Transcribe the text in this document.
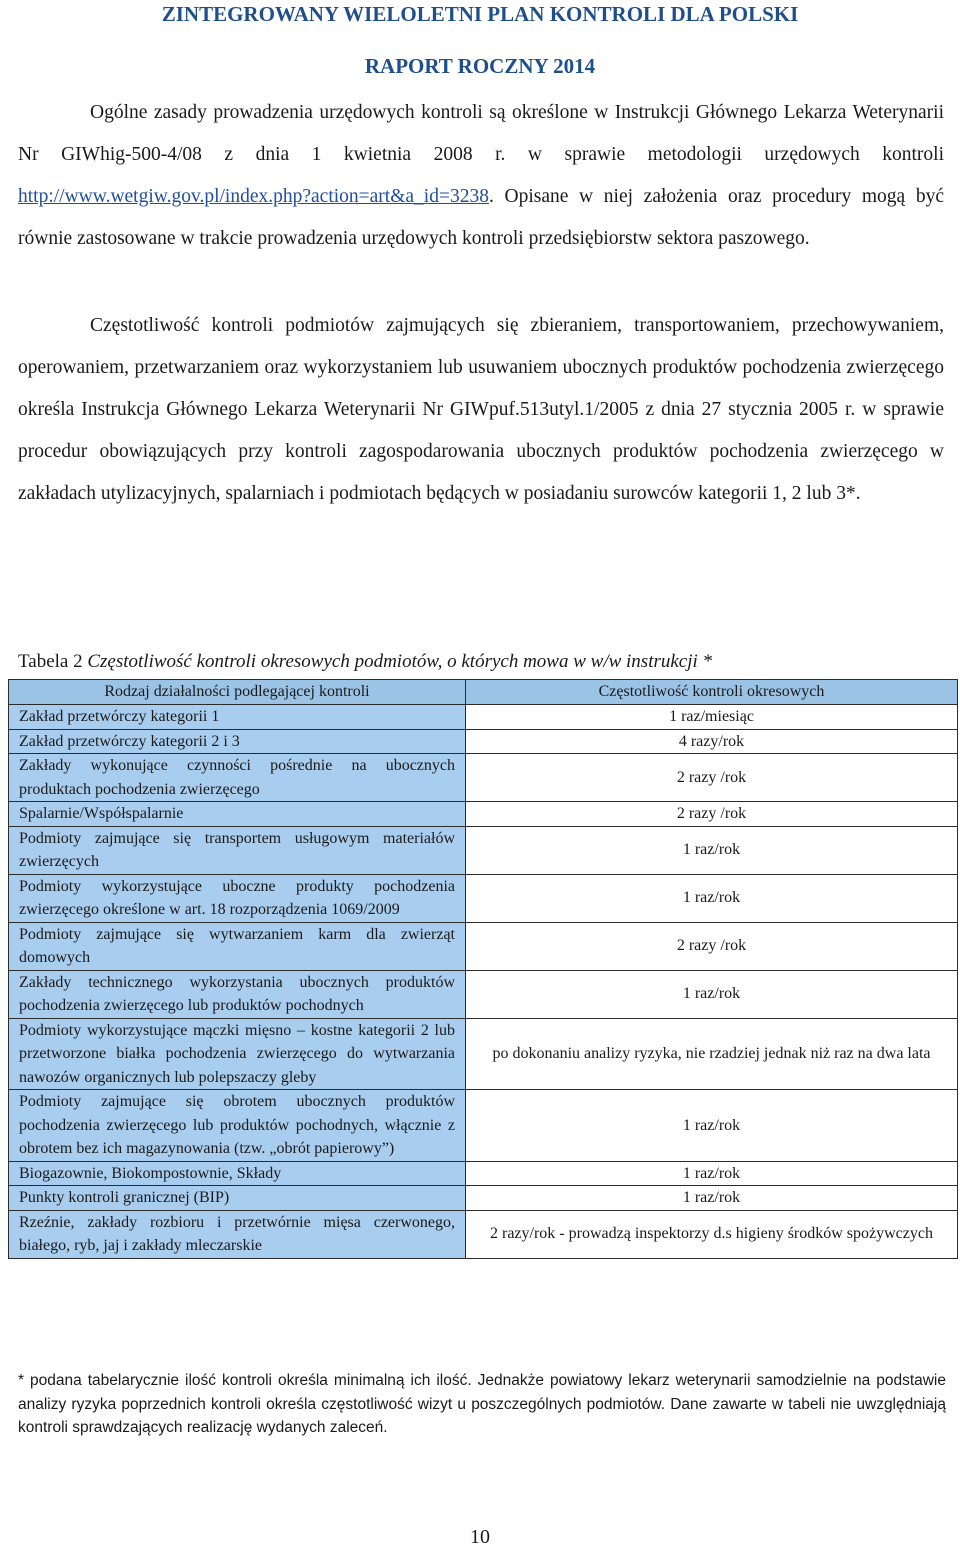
ZINTEGROWANY WIELOLETNI PLAN KONTROLI DLA POLSKI
RAPORT ROCZNY 2014

Ogólne zasady prowadzenia urzędowych kontroli są określone w Instrukcji Głównego Lekarza Weterynarii Nr GIWhig-500-4/08 z dnia 1 kwietnia 2008 r. w sprawie metodologii urzędowych kontroli http://www.wetgiw.gov.pl/index.php?action=art&a_id=3238. Opisane w niej założenia oraz procedury mogą być równie zastosowane w trakcie prowadzenia urzędowych kontroli przedsiębiorstw sektora paszowego.

Częstotliwość kontroli podmiotów zajmujących się zbieraniem, transportowaniem, przechowywaniem, operowaniem, przetwarzaniem oraz wykorzystaniem lub usuwaniem ubocznych produktów pochodzenia zwierzęcego określa Instrukcja Głównego Lekarza Weterynarii Nr GIWpuf.513utyl.1/2005 z dnia 27 stycznia 2005 r. w sprawie procedur obowiązujących przy kontroli zagospodarowania ubocznych produktów pochodzenia zwierzęcego w zakładach utylizacyjnych, spalarniach i podmiotach będących w posiadaniu surowców kategorii 1, 2 lub 3*.

Tabela 2 Częstotliwość kontroli okresowych podmiotów, o których mowa w w/w instrukcji *
Rodzaj działalności podlegającej kontroli	Częstotliwość kontroli okresowych
Zakład przetwórczy kategorii 1	1 raz/miesiąc
Zakład przetwórczy kategorii 2 i 3	4 razy/rok
Zakłady wykonujące czynności pośrednie na ubocznych produktach pochodzenia zwierzęcego	2 razy /rok
Spalarnie/Współspalarnie	2 razy /rok
Podmioty zajmujące się transportem usługowym materiałów zwierzęcych	1 raz/rok
Podmioty wykorzystujące uboczne produkty pochodzenia zwierzęcego określone w art. 18 rozporządzenia 1069/2009	1 raz/rok
Podmioty zajmujące się wytwarzaniem karm dla zwierząt domowych	2 razy /rok
Zakłady technicznego wykorzystania ubocznych produktów pochodzenia zwierzęcego lub produktów pochodnych	1 raz/rok
Podmioty wykorzystujące mączki mięsno – kostne kategorii 2 lub przetworzone białka pochodzenia zwierzęcego do wytwarzania nawozów organicznych lub polepszaczy gleby	po dokonaniu analizy ryzyka, nie rzadziej jednak niż raz na dwa lata
Podmioty zajmujące się obrotem ubocznych produktów pochodzenia zwierzęcego lub produktów pochodnych, włącznie z obrotem bez ich magazynowania (tzw. „obrót papierowy”)	1 raz/rok
Biogazownie, Biokompostownie, Składy	1 raz/rok
Punkty kontroli granicznej (BIP)	1 raz/rok
Rzeźnie, zakłady rozbioru i przetwórnie mięsa czerwonego, białego, ryb, jaj i zakłady mleczarskie	2 razy/rok - prowadzą inspektorzy d.s higieny środków spożywczych

* podana tabelarycznie ilość kontroli określa minimalną ich ilość. Jednakże powiatowy lekarz weterynarii samodzielnie na podstawie analizy ryzyka poprzednich kontroli określa częstotliwość wizyt u poszczególnych podmiotów. Dane zawarte w tabeli nie uwzględniają kontroli sprawdzających realizację wydanych zaleceń.

10
